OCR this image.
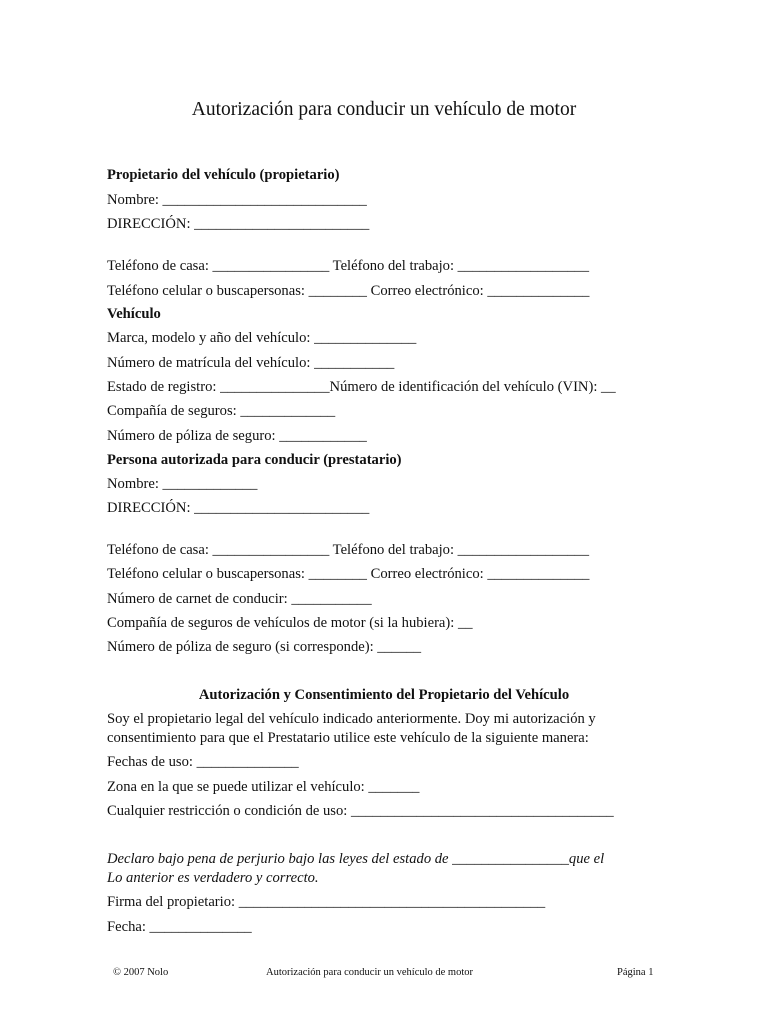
Autorización para conducir un vehículo de motor
Propietario del vehículo (propietario)
Nombre: ____________________________
DIRECCIÓN: ________________________
Teléfono de casa: ________________ Teléfono del trabajo: __________________
Teléfono celular o buscapersonas: ________ Correo electrónico: ______________
Vehículo
Marca, modelo y año del vehículo: ______________
Número de matrícula del vehículo: ___________
Estado de registro: _______________Número de identificación del vehículo (VIN): __
Compañía de seguros: _____________
Número de póliza de seguro: ____________
Persona autorizada para conducir (prestatario)
Nombre: _____________
DIRECCIÓN: ________________________
Teléfono de casa: ________________ Teléfono del trabajo: __________________
Teléfono celular o buscapersonas: ________ Correo electrónico: ______________
Número de carnet de conducir: ___________
Compañía de seguros de vehículos de motor (si la hubiera): __
Número de póliza de seguro (si corresponde): ______
Autorización y Consentimiento del Propietario del Vehículo
Soy el propietario legal del vehículo indicado anteriormente. Doy mi autorización y
consentimiento para que el Prestatario utilice este vehículo de la siguiente manera:
Fechas de uso: ______________
Zona en la que se puede utilizar el vehículo: _______
Cualquier restricción o condición de uso: ____________________________________
Declaro bajo pena de perjurio bajo las leyes del estado de ________________que el
Lo anterior es verdadero y correcto.
Firma del propietario: __________________________________________
Fecha: ______________
© 2007 Nolo	Autorización para conducir un vehículo de motor	Página 1
